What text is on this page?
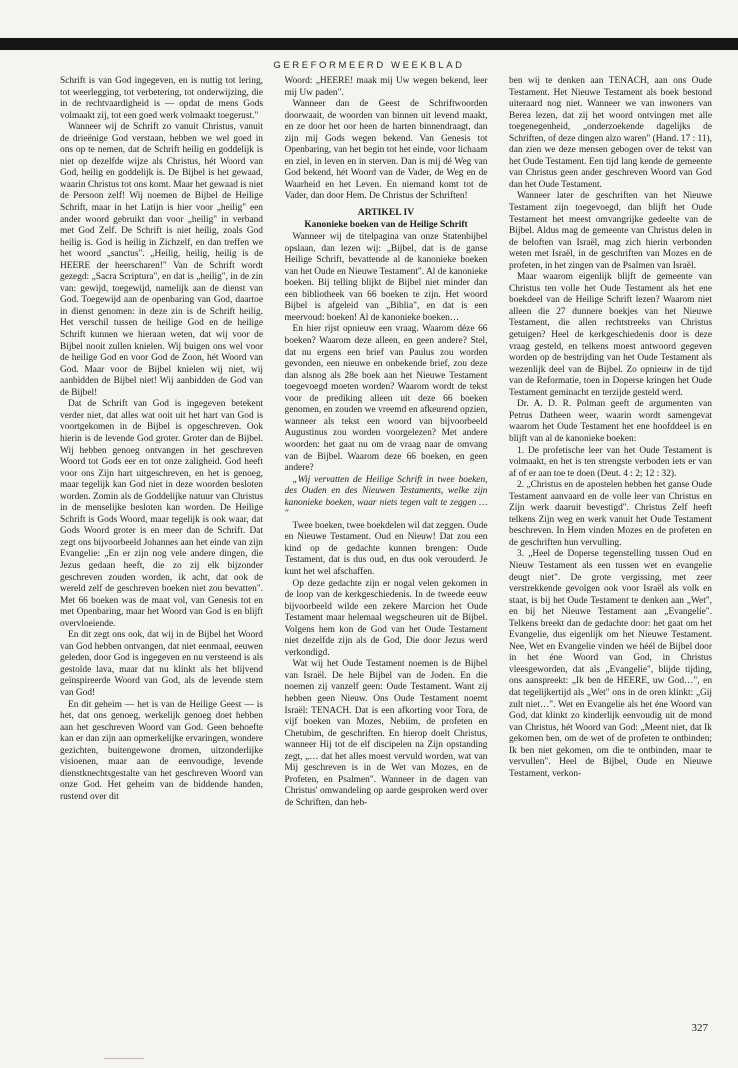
GEREFORMEERD WEEKBLAD

Schrift is van God ingegeven, en is nuttig tot lering, tot weerlegging, tot verbetering, tot onderwijzing, die in de rechtvaardigheid is — opdat de mens Gods volmaakt zij, tot een goed werk volmaakt toegerust."

Wanneer wij de Schrift zo vanuit Christus, vanuit de drieënige God verstaan, hebben we wel goed in ons op te nemen, dat de Schrift heilig en goddelijk is niet op dezelfde wijze als Christus, hét Woord van God, heilig en goddelijk is. De Bijbel is het gewaad, waarin Christus tot ons komt. Maar het gewaad is niet de Persoon zelf! Wij noemen de Bijbel de Heilige Schrift, maar in het Latijn is hier voor „heilig" een ander woord gebruikt dan voor „heilig" in verband met God Zelf. De Schrift is niet heilig, zoals God heilig is. God is heilig in Zichzelf, en dan treffen we het woord „sanctus". „Heilig, heilig, heilig is de HEERE der heerscharen!" Van de Schrift wordt gezegd: „Sacra Scriptura", en dat is „heilig", in de zin van: gewijd, toegewijd, namelijk aan de dienst van God. Toegewijd aan de openbaring van God, daartoe in dienst genomen: in deze zin is de Schrift heilig. Het verschil tussen de heilige God en de heilige Schrift kunnen we hieraan weten, dat wij voor de Bijbel nooit zullen knielen. Wij buigen ons wel voor de heilige God en voor God de Zoon, hét Woord van God. Maar voor de Bijbel knielen wij niet, wij aanbidden de Bijbel niet! Wij aanbidden de God van de Bijbel!

Dat de Schrift van God is ingegeven betekent verder niet, dat alles wat ooit uit het hart van God is voortgekomen in de Bijbel is opgeschreven. Ook hierin is de levende God groter. Groter dan de Bijbel. Wij hebben genoeg ontvangen in het geschreven Woord tot Gods eer en tot onze zaligheid. God heeft voor ons Zijn hart uitgeschreven, en het is genoeg, maar tegelijk kan God niet in deze woorden besloten worden. Zomin als de Goddelijke natuur van Christus in de menselijke besloten kan worden. De Heilige Schrift is Gods Woord, maar tegelijk is ook waar, dat Gods Woord groter is en meer dan de Schrift. Dat zegt ons bijvoorbeeld Johannes aan het einde van zijn Evangelie: „En er zijn nog vele andere dingen, die Jezus gedaan heeft, die zo zij elk bijzonder geschreven zouden worden, ik acht, dat ook de wereld zelf de geschreven boeken niet zou bevatten". Met 66 boeken was de maat vol, van Genesis tot en met Openbaring, maar het Woord van God is en blijft overvloeiende.

En dit zegt ons ook, dat wij in de Bijbel het Woord van God hebben ontvangen, dat niet eenmaal, eeuwen geleden, door God is ingegeven en nu versteend is als gestolde lava, maar dat nu klinkt als het blijvend geïnspireerde Woord van God, als de levende stem van God!

En dit geheim — het is van de Heilige Geest — is het, dat ons genoeg, werkelijk genoeg doet hebben aan het geschreven Woord van God. Geen behoefte kan er dan zijn aan opmerkelijke ervaringen, wondere gezichten, buitengewone dromen, uitzonderlijke visioenen, maar aan de eenvoudige, levende dienstknechtsgestalte van het geschreven Woord van onze God. Het geheim van de biddende handen, rustend over dit

Woord: „HEERE! maak mij Uw wegen bekend, leer mij Uw paden".

Wanneer dan de Geest de Schriftwoorden doorwaait, de woorden van binnen uit levend maakt, en ze door het oor heen de harten binnendraagt, dan zijn mij Gods wegen bekend. Van Genesis tot Openbaring, van het begin tot het einde, voor lichaam en ziel, in leven en in sterven. Dan is mij dé Weg van God bekend, hét Woord van de Vader, de Weg en de Waarheid en het Leven. En niemand komt tot de Vader, dan door Hem. De Christus der Schriften!

ARTIKEL IV
Kanonieke boeken van de Heilige Schrift

Wanneer wij de titelpagina van onze Statenbijbel opslaan, dan lezen wij: „Bijbel, dat is de ganse Heilige Schrift, bevattende al de kanonieke boeken van het Oude en Nieuwe Testament". Al de kanonieke boeken. Bij telling blijkt de Bijbel niet minder dan een bibliotheek van 66 boeken te zijn. Het woord Bijbel is afgeleid van „Biblia", en dat is een meervoud: boeken! Al de kanonieke boeken…

En hier rijst opnieuw een vraag. Waarom déze 66 boeken? Waarom deze alleen, en geen andere? Stel, dat nu ergens een brief van Paulus zou worden gevonden, een nieuwe en onbekende brief, zou deze dan alsnog als 28e boek aan het Nieuwe Testament toegevoegd moeten worden? Waarom wordt de tekst voor de prediking alleen uit deze 66 boeken genomen, en zouden we vreemd en afkeurend opzien, wanneer als tekst een woord van bijvoorbeeld Augustinus zou worden voorgelezen? Met andere woorden: het gaat nu om de vraag naar de omvang van de Bijbel. Waarom deze 66 boeken, en geen andere?

„Wij vervatten de Heilige Schrift in twee boeken, des Ouden en des Nieuwen Testaments, welke zijn kanonieke boeken, waar niets tegen valt te zeggen … "

Twee boeken, twee boekdelen wil dat zeggen. Oude en Nieuwe Testament. Oud en Nieuw! Dat zou een kind op de gedachte kunnen brengen: Oude Testament, dat is dus oud, en dus ook verouderd. Je kunt het wel afschaffen.

Op deze gedachte zijn er nogal velen gekomen in de loop van de kerkgeschiedenis. In de tweede eeuw bijvoorbeeld wilde een zekere Marcion het Oude Testament maar helemaal wegscheuren uit de Bijbel. Volgens hem kon de God van het Oude Testament niet dezelfde zijn als de God, Die door Jezus werd verkondigd.

Wat wij het Oude Testament noemen is de Bijbel van Israël. De hele Bijbel van de Joden. En die noemen zij vanzelf geen: Oude Testament. Want zij hebben geen Nieuw. Ons Oude Testament noemt Israël: TENACH. Dat is een afkorting voor Tora, de vijf boeken van Mozes, Nebiim, de profeten en Chetubim, de geschriften. En hierop doelt Christus, wanneer Hij tot de elf discipelen na Zijn opstanding zegt, „… dat het alles moest vervuld worden, wat van Mij geschreven is in de Wet van Mozes, en de Profeten, en Psalmen". Wanneer in de dagen van Christus' omwandeling op aarde gesproken werd over de Schriften, dan heb-

ben wij te denken aan TENACH, aan ons Oude Testament. Het Nieuwe Testament als boek bestond uiteraard nog niet. Wanneer we van inwoners van Berea lezen, dat zij het woord ontvingen met alle toegenegenheid, „onderzoekende dagelijks de Schriften, of deze dingen alzo waren" (Hand. 17 : 11), dan zien we deze mensen gebogen over de tekst van het Oude Testament. Een tijd lang kende de gemeente van Christus geen ander geschreven Woord van God dan het Oude Testament.

Wanneer later de geschriften van het Nieuwe Testament zijn toegevoegd, dan blijft het Oude Testament het meest omvangrijke gedeelte van de Bijbel. Aldus mag de gemeente van Christus delen in de beloften van Israël, mag zich hierin verbonden weten met Israël, in de geschriften van Mozes en de profeten, in het zingen van de Psalmen van Israël.

Maar waarom eigenlijk blijft de gemeente van Christus ten volle het Oude Testament als het ene boekdeel van de Heilige Schrift lezen? Waarom niet alleen die 27 dunnere boekjes van het Nieuwe Testament, die allen rechtstreeks van Christus getuigen? Heel de kerkgeschiedenis door is deze vraag gesteld, en telkens moest antwoord gegeven worden op de bestrijding van het Oude Testament als wezenlijk deel van de Bijbel. Zo opnieuw in de tijd van de Reformatie, toen in Doperse kringen het Oude Testament geminacht en terzijde gesteld werd.

Dr. A. D. R. Polman geeft de argumenten van Petrus Datheen weer, waarin wordt samengevat waarom het Oude Testament het ene hoofddeel is en blijft van al de kanonieke boeken:

1. De profetische leer van het Oude Testament is volmaakt, en het is ten strengste verboden iets er van af of er aan toe te doen (Deut. 4 : 2; 12 : 32).

2. „Christus en de apostelen hebben het ganse Oude Testament aanvaard en de volle leer van Christus en Zijn werk daaruit bevestigd". Christus Zelf heeft telkens Zijn weg en werk vanuit het Oude Testament beschreven. In Hem vinden Mozes en de profeten en de geschriften hun vervulling.

3. „Heel de Doperse tegenstelling tussen Oud en Nieuw Testament als een tussen wet en evangelie deugt niet". De grote vergissing, met zeer verstrekkende gevolgen ook voor Israël als volk en staat, is bij het Oude Testament te denken aan „Wet", en bij het Nieuwe Testament aan „Evangelie". Telkens breekt dan de gedachte door: het gaat om het Evangelie, dus eigenlijk om het Nieuwe Testament. Nee, Wet en Evangelie vinden we héél de Bijbel door in het éne Woord van God, in Christus vleesgeworden, dat als „Evangelie", blijde tijding, ons aanspreekt: „Ik ben de HEERE, uw God…", en dat tegelijkertijd als „Wet" ons in de oren klinkt: „Gij zult niet…". Wet en Evangelie als het éne Woord van God, dat klinkt zo kinderlijk eenvoudig uit de mond van Christus, hét Woord van God: „Meent niet, dat Ik gekomen ben, om de wet of de profeten te ontbinden; Ik ben niet gekomen, om die te ontbinden, maar te vervullen". Heel de Bijbel, Oude en Nieuwe Testament, verkon-

327
